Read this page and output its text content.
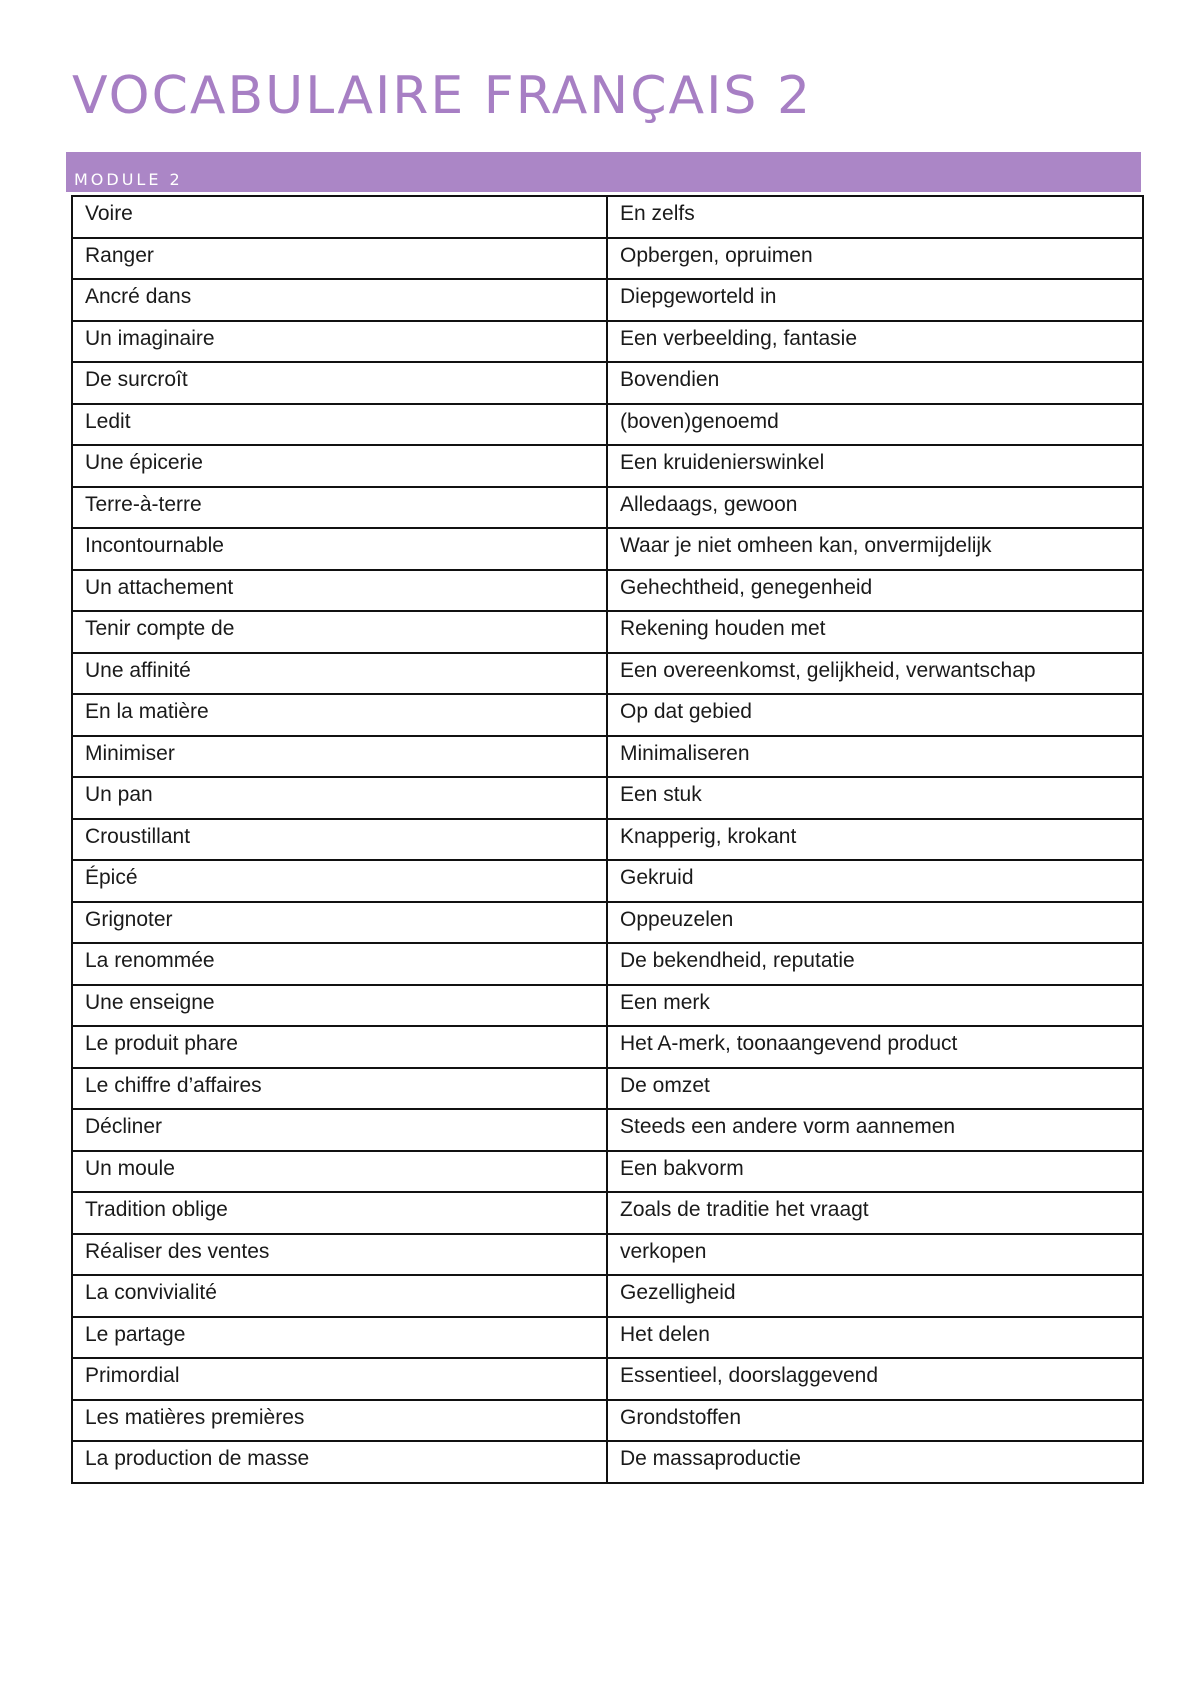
VOCABULAIRE FRANÇAIS 2
MODULE 2
Voire	En zelfs
Ranger	Opbergen, opruimen
Ancré dans	Diepgeworteld in
Un imaginaire	Een verbeelding, fantasie
De surcroît	Bovendien
Ledit	(boven)genoemd
Une épicerie	Een kruidenierswinkel
Terre-à-terre	Alledaags, gewoon
Incontournable	Waar je niet omheen kan, onvermijdelijk
Un attachement	Gehechtheid, genegenheid
Tenir compte de	Rekening houden met
Une affinité	Een overeenkomst, gelijkheid, verwantschap
En la matière	Op dat gebied
Minimiser	Minimaliseren
Un pan	Een stuk
Croustillant	Knapperig, krokant
Épicé	Gekruid
Grignoter	Oppeuzelen
La renommée	De bekendheid, reputatie
Une enseigne	Een merk
Le produit phare	Het A-merk, toonaangevend product
Le chiffre d’affaires	De omzet
Décliner	Steeds een andere vorm aannemen
Un moule	Een bakvorm
Tradition oblige	Zoals de traditie het vraagt
Réaliser des ventes	verkopen
La convivialité	Gezelligheid
Le partage	Het delen
Primordial	Essentieel, doorslaggevend
Les matières premières	Grondstoffen
La production de masse	De massaproductie
